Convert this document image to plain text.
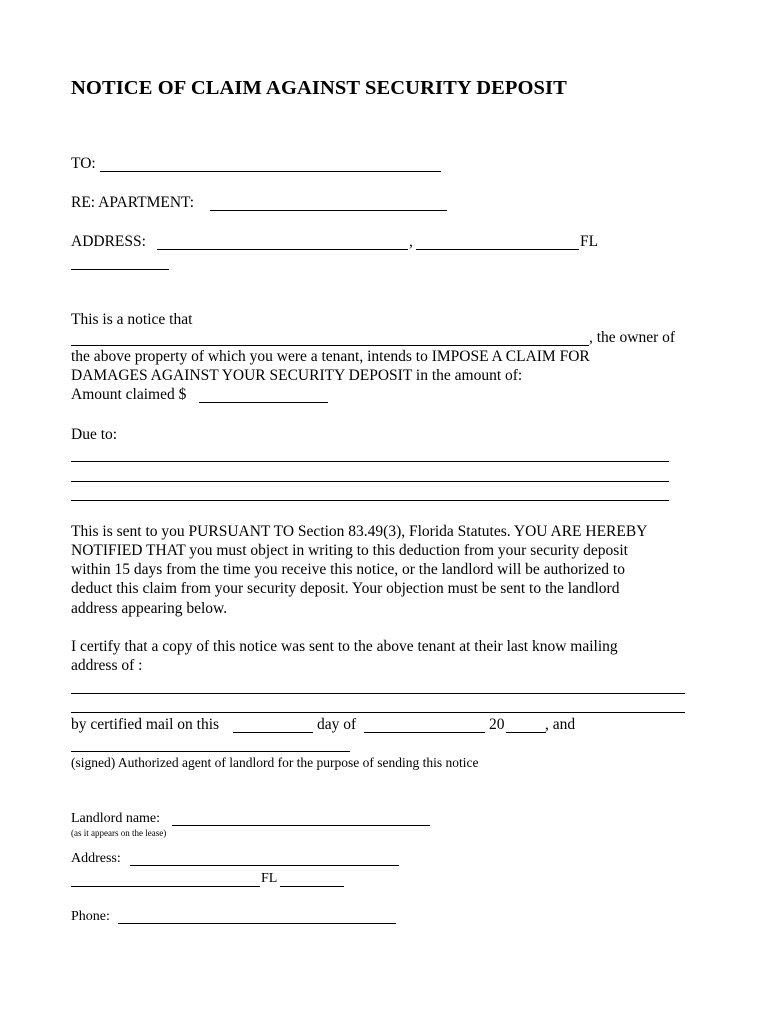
NOTICE OF CLAIM AGAINST SECURITY DEPOSIT
TO:
RE: APARTMENT:
ADDRESS:	,	FL
This is a notice that
, the owner of
the above property of which you were a tenant, intends to IMPOSE A CLAIM FOR
DAMAGES AGAINST YOUR SECURITY DEPOSIT in the amount of:
Amount claimed $
Due to:
This is sent to you PURSUANT TO Section 83.49(3), Florida Statutes. YOU ARE HEREBY
NOTIFIED THAT you must object in writing to this deduction from your security deposit
within 15 days from the time you receive this notice, or the landlord will be authorized to
deduct this claim from your security deposit. Your objection must be sent to the landlord
address appearing below.
I certify that a copy of this notice was sent to the above tenant at their last know mailing
address of :
by certified mail on this	day of	20	, and
(signed) Authorized agent of landlord for the purpose of sending this notice
Landlord name:
(as it appears on the lease)
Address:
FL
Phone:
